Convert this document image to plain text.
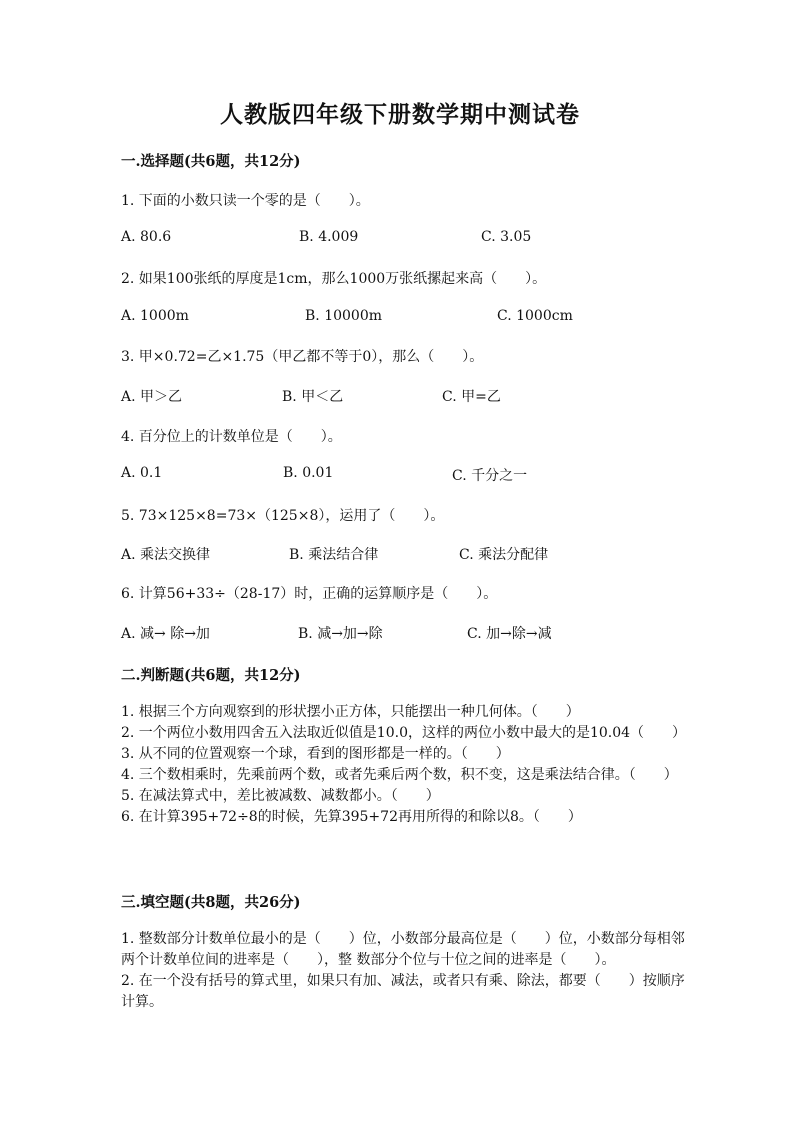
人教版四年级下册数学期中测试卷
一.选择题(共6题，共12分)
1. 下面的小数只读一个零的是（　　）。
A. 80.6	B. 4.009	C. 3.05
2. 如果100张纸的厚度是1cm，那么1000万张纸摞起来高（　　）。
A. 1000m	B. 10000m	C. 1000cm
3. 甲×0.72=乙×1.75（甲乙都不等于0），那么（　　）。
A. 甲＞乙	B. 甲＜乙	C. 甲=乙
4. 百分位上的计数单位是（　　）。
A. 0.1	B. 0.01	C. 千分之一
5. 73×125×8=73×（125×8），运用了（　　）。
A. 乘法交换律	B. 乘法结合律	C. 乘法分配律
6. 计算56+33÷（28-17）时，正确的运算顺序是（　　）。
A. 减→ 除→加	B. 减→加→除	C. 加→除→减
二.判断题(共6题，共12分)
1. 根据三个方向观察到的形状摆小正方体，只能摆出一种几何体。（　　）
2. 一个两位小数用四舍五入法取近似值是10.0，这样的两位小数中最大的是10.04（　　）
3. 从不同的位置观察一个球，看到的图形都是一样的。（　　）
4. 三个数相乘时，先乘前两个数，或者先乘后两个数，积不变，这是乘法结合律。（　　）
5. 在减法算式中，差比被减数、减数都小。（　　）
6. 在计算395+72÷8的时候，先算395+72再用所得的和除以8。（　　）
三.填空题(共8题，共26分)
1. 整数部分计数单位最小的是（　　）位，小数部分最高位是（　　）位，小数部分每相邻两个计数单位间的进率是（　　），整 数部分个位与十位之间的进率是（　　）。
2. 在一个没有括号的算式里，如果只有加、减法，或者只有乘、除法，都要（　　）按顺序计算。
